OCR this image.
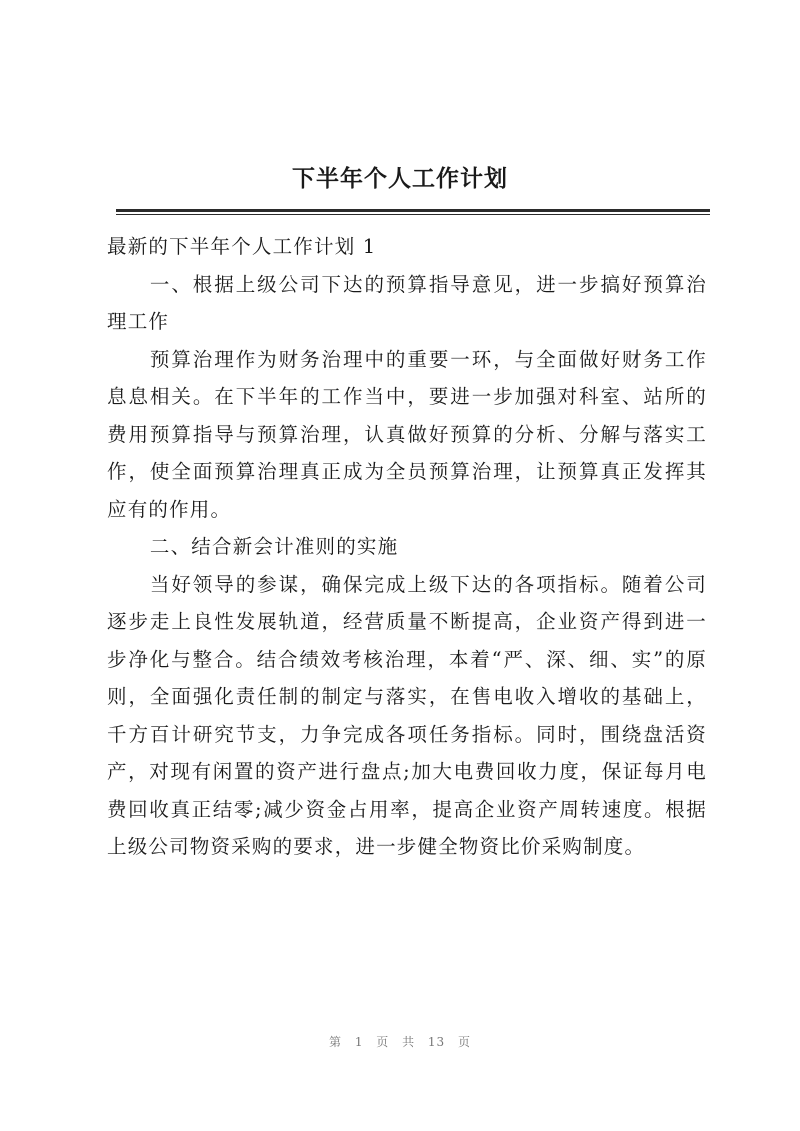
下半年个人工作计划

最新的下半年个人工作计划 1

一、根据上级公司下达的预算指导意见，进一步搞好预算治理工作

预算治理作为财务治理中的重要一环，与全面做好财务工作息息相关。在下半年的工作当中，要进一步加强对科室、站所的费用预算指导与预算治理，认真做好预算的分析、分解与落实工作，使全面预算治理真正成为全员预算治理，让预算真正发挥其应有的作用。

二、结合新会计准则的实施

当好领导的参谋，确保完成上级下达的各项指标。随着公司逐步走上良性发展轨道，经营质量不断提高，企业资产得到进一步净化与整合。结合绩效考核治理，本着“严、深、细、实”的原则，全面强化责任制的制定与落实，在售电收入增收的基础上，千方百计研究节支，力争完成各项任务指标。同时，围绕盘活资产，对现有闲置的资产进行盘点;加大电费回收力度，保证每月电费回收真正结零;减少资金占用率，提高企业资产周转速度。根据上级公司物资采购的要求，进一步健全物资比价采购制度。

第 1 页 共 13 页
